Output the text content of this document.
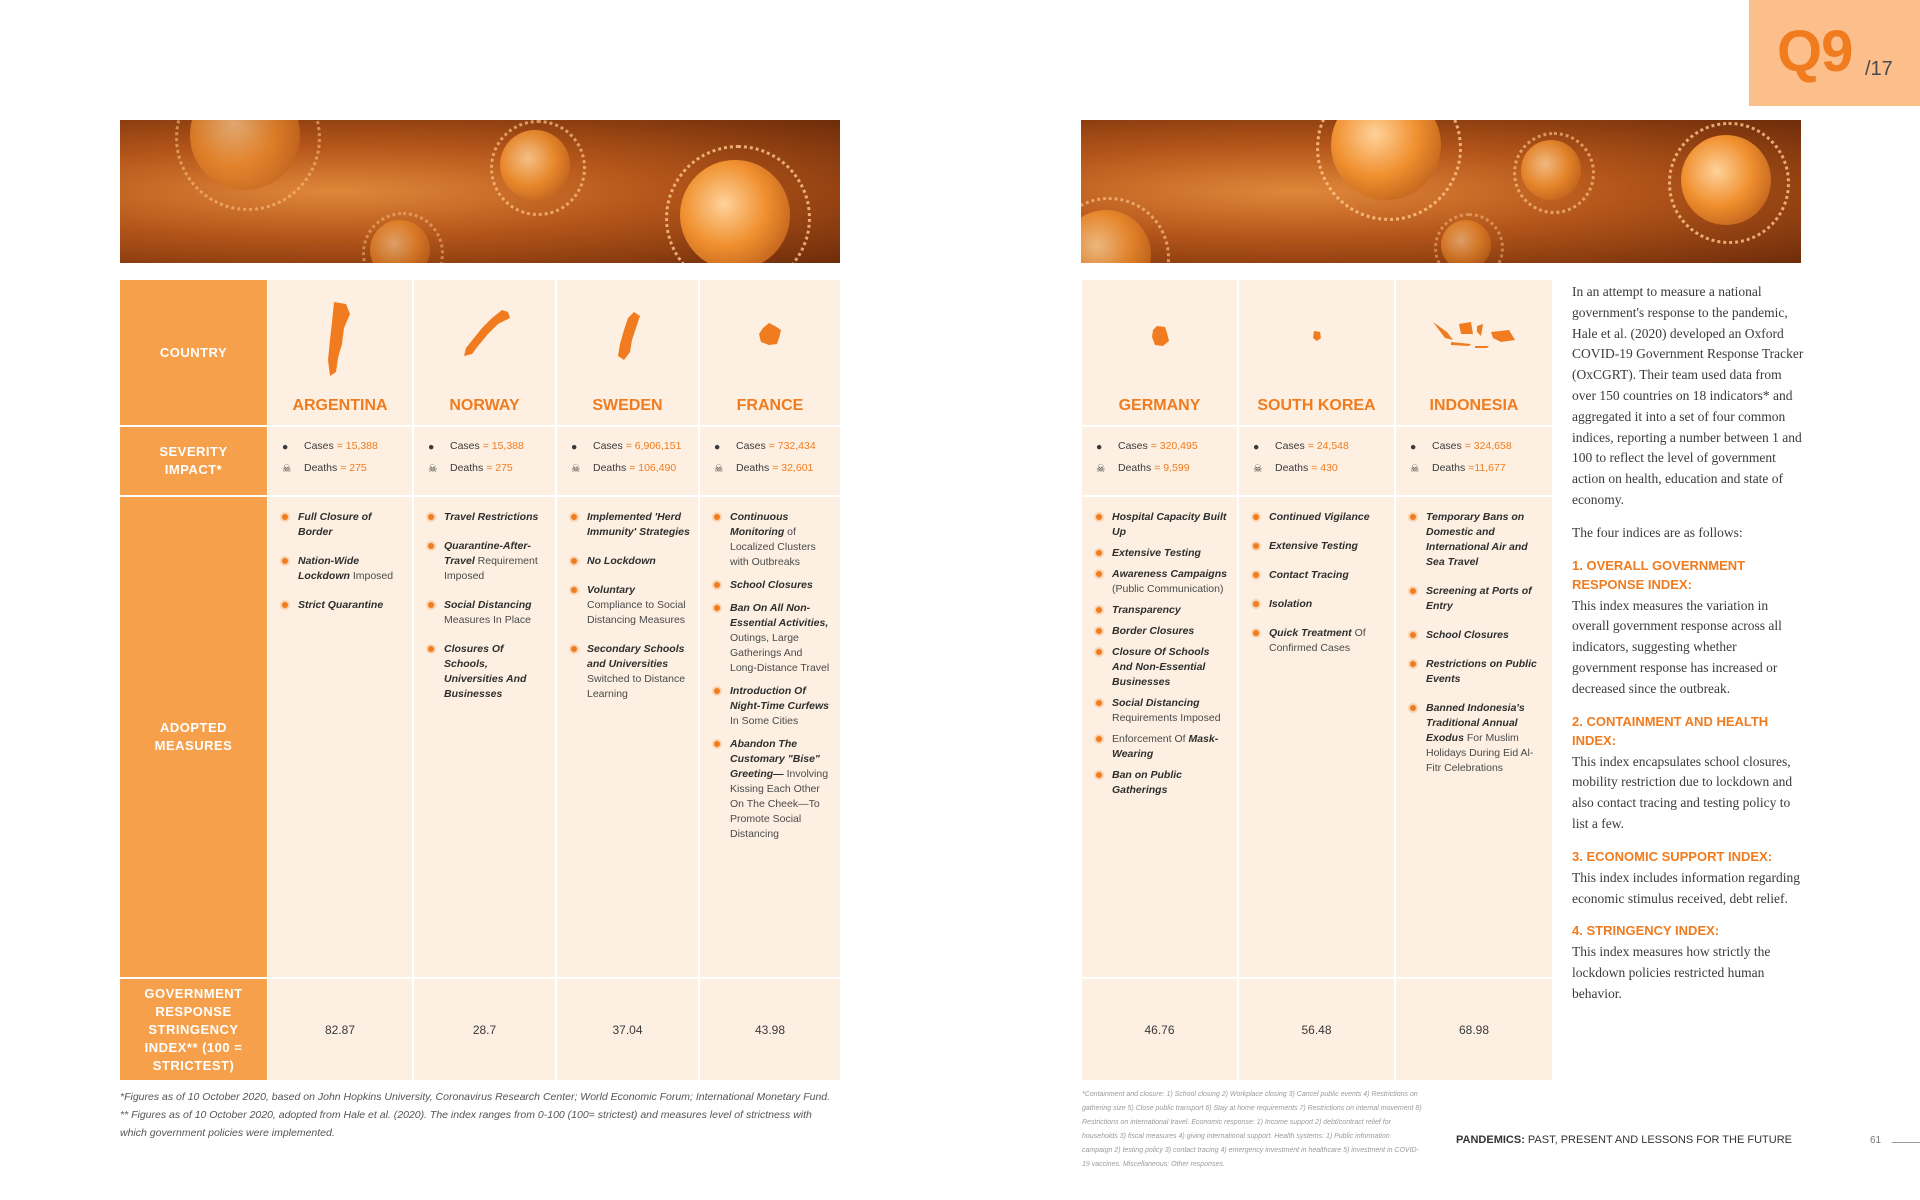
Q9 /17
COUNTRY
SEVERITY IMPACT*
ADOPTED MEASURES
GOVERNMENT RESPONSE STRINGENCY INDEX** (100 = STRICTEST)
ARGENTINA
● Cases = 15,388
☠ Deaths = 275
Full Closure of Border
Nation-Wide Lockdown Imposed
Strict Quarantine
82.87
NORWAY
● Cases = 15,388
☠ Deaths = 275
Travel Restrictions
Quarantine-After-Travel Requirement Imposed
Social Distancing Measures In Place
Closures Of Schools, Universities And Businesses
28.7
SWEDEN
● Cases = 6,906,151
☠ Deaths = 106,490
Implemented 'Herd Immunity' Strategies
No Lockdown
Voluntary Compliance to Social Distancing Measures
Secondary Schools and Universities Switched to Distance Learning
37.04
FRANCE
● Cases = 732,434
☠ Deaths = 32,601
Continuous Monitoring of Localized Clusters with Outbreaks
School Closures
Ban On All Non-Essential Activities, Outings, Large Gatherings And Long-Distance Travel
Introduction Of Night-Time Curfews In Some Cities
Abandon The Customary "Bise" Greeting— Involving Kissing Each Other On The Cheek—To Promote Social Distancing
43.98
*Figures as of 10 October 2020, based on John Hopkins University, Coronavirus Research Center; World Economic Forum; International Monetary Fund. ** Figures as of 10 October 2020, adopted from Hale et al. (2020). The index ranges from 0-100 (100= strictest) and measures level of strictness with which government policies were implemented.
GERMANY
● Cases = 320,495
☠ Deaths = 9,599
Hospital Capacity Built Up
Extensive Testing
Awareness Campaigns (Public Communication)
Transparency
Border Closures
Closure Of Schools And Non-Essential Businesses
Social Distancing Requirements Imposed
Enforcement Of Mask-Wearing
Ban on Public Gatherings
46.76
SOUTH KOREA
● Cases = 24,548
☠ Deaths = 430
Continued Vigilance
Extensive Testing
Contact Tracing
Isolation
Quick Treatment Of Confirmed Cases
56.48
INDONESIA
● Cases = 324,658
☠ Deaths =11,677
Temporary Bans on Domestic and International Air and Sea Travel
Screening at Ports of Entry
School Closures
Restrictions on Public Events
Banned Indonesia's Traditional Annual Exodus For Muslim Holidays During Eid Al-Fitr Celebrations
68.98
*Containment and closure: 1) School closing 2) Workplace closing 3) Cancel public events 4) Restrictions on gathering size 5) Close public transport 6) Stay at home requirements 7) Restrictions on internal movement 8) Restrictions on international travel. Economic response: 1) Income support 2) debt/contract relief for households 3) fiscal measures 4) giving international support. Health systems: 1) Public information campaign 2) testing policy 3) contact tracing 4) emergency investment in healthcare 5) investment in COVID-19 vaccines. Miscellaneous: Other responses.

In an attempt to measure a national government's response to the pandemic, Hale et al. (2020) developed an Oxford COVID-19 Government Response Tracker (OxCGRT). Their team used data from over 150 countries on 18 indicators* and aggregated it into a set of four common indices, reporting a number between 1 and 100 to reflect the level of government action on health, education and state of economy.

The four indices are as follows:

1. OVERALL GOVERNMENT RESPONSE INDEX:

This index measures the variation in overall government response across all indicators, suggesting whether government response has increased or decreased since the outbreak.

2. CONTAINMENT AND HEALTH INDEX:

This index encapsulates school closures, mobility restriction due to lockdown and also contact tracing and testing policy to list a few.

3. ECONOMIC SUPPORT INDEX:

This index includes information regarding economic stimulus received, debt relief.

4. STRINGENCY INDEX:

This index measures how strictly the lockdown policies restricted human behavior.

PANDEMICS: PAST, PRESENT AND LESSONS FOR THE FUTURE	61
